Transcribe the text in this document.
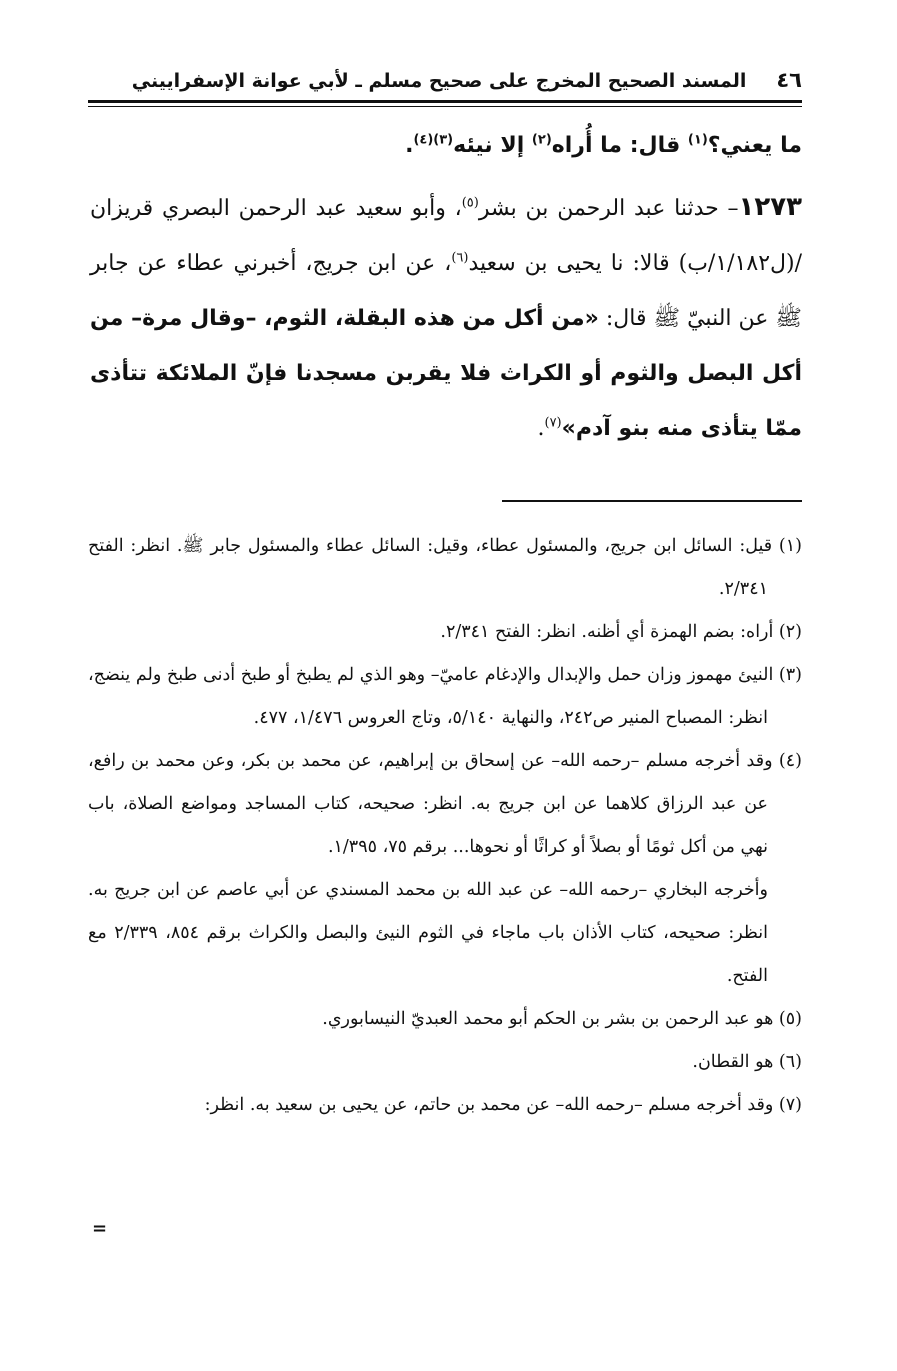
٤٦
المسند الصحيح المخرج على صحيح مسلم ـ لأبي عوانة الإسفراييني

ما يعني؟$^{(١)}$ قال: ما أُراه$^{(٢)}$ إلا نيئه$^{(٣)(٤)}$.

١٢٧٣– حدثنا عبد الرحمن بن بشر$^{(٥)}$، وأبو سعيد عبد الرحمن البصري قريزان /(ل١/١٨٢/ب) قالا: نا يحيى بن سعيد$^{(٦)}$، عن ابن جريج، أخبرني عطاء عن جابر ﷺ عن النبيّ ﷺ قال: «من أكل من هذه البقلة، الثوم، –وقال مرة– من أكل البصل والثوم أو الكراث فلا يقربن مسجدنا فإنّ الملائكة تتأذى ممّا يتأذى منه بنو آدم»$^{(٧)}$.

(١) قيل: السائل ابن جريج، والمسئول عطاء، وقيل: السائل عطاء والمسئول جابر ﷺ. انظر: الفتح ٢/٣٤١.

(٢) أراه: بضم الهمزة أي أظنه. انظر: الفتح ٢/٣٤١.

(٣) النيئ مهموز وزان حمل والإبدال والإدغام عاميّ– وهو الذي لم يطبخ أو طبخ أدنى طبخ ولم ينضج، انظر: المصباح المنير ص٢٤٢، والنهاية ٥/١٤٠، وتاج العروس ١/٤٧٦، ٤٧٧.

(٤) وقد أخرجه مسلم –رحمه الله– عن إسحاق بن إبراهيم، عن محمد بن بكر، وعن محمد بن رافع، عن عبد الرزاق كلاهما عن ابن جريج به. انظر: صحيحه، كتاب المساجد ومواضع الصلاة، باب نهي من أكل ثومًا أو بصلاً أو كراثًا أو نحوها... برقم ٧٥، ١/٣٩٥.

وأخرجه البخاري –رحمه الله– عن عبد الله بن محمد المسندي عن أبي عاصم عن ابن جريج به. انظر: صحيحه، كتاب الأذان باب ماجاء في الثوم النيئ والبصل والكراث برقم ٨٥٤، ٢/٣٣٩ مع الفتح.

(٥) هو عبد الرحمن بن بشر بن الحكم أبو محمد العبديّ النيسابوري.

(٦) هو القطان.

(٧) وقد أخرجه مسلم –رحمه الله– عن محمد بن حاتم، عن يحيى بن سعيد به. انظر:

=
